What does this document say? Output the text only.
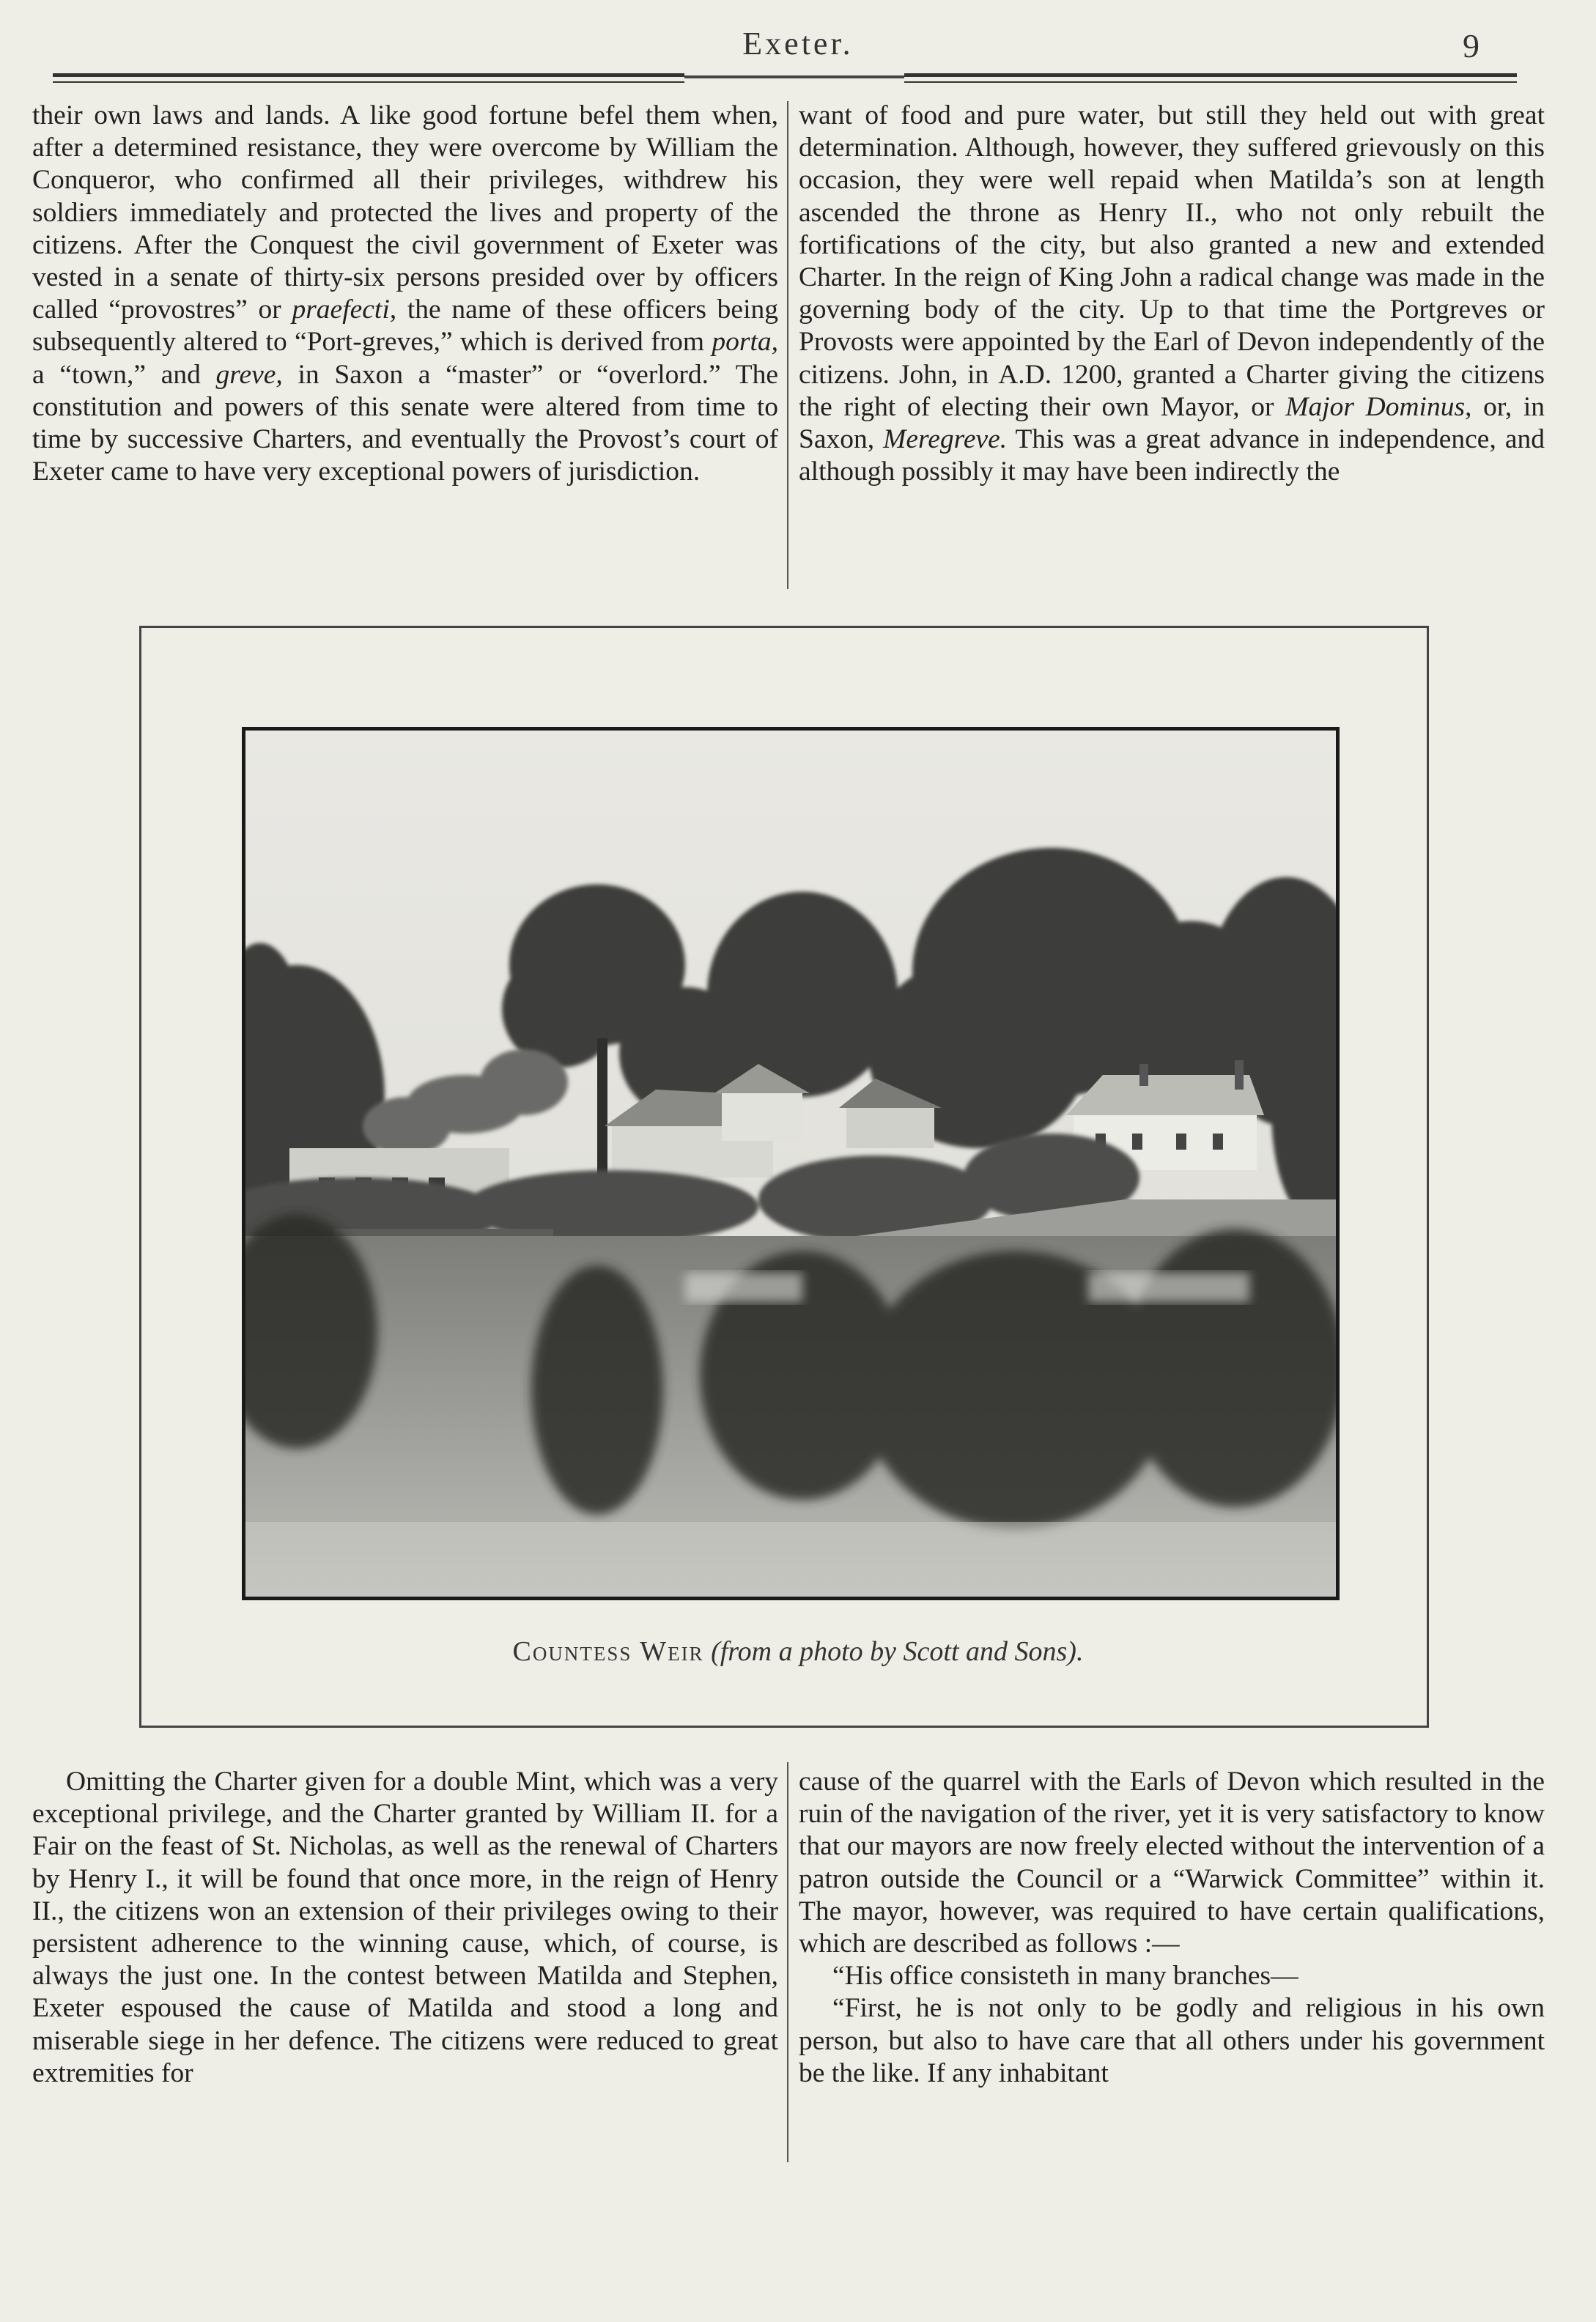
Exeter.	9

their own laws and lands. A like good fortune befel them when, after a determined resistance, they were overcome by William the Conqueror, who confirmed all their privileges, withdrew his soldiers immediately and protected the lives and property of the citizens. After the Conquest the civil government of Exeter was vested in a senate of thirty-six persons presided over by officers called “provostres” or praefecti, the name of these officers being subsequently altered to “Port-greves,” which is derived from porta, a “town,” and greve, in Saxon a “master” or “overlord.” The constitution and powers of this senate were altered from time to time by successive Charters, and eventually the Provost’s court of Exeter came to have very exceptional powers of jurisdiction.

want of food and pure water, but still they held out with great determination. Although, however, they suffered grievously on this occasion, they were well repaid when Matilda’s son at length ascended the throne as Henry II., who not only rebuilt the fortifications of the city, but also granted a new and extended Charter. In the reign of King John a radical change was made in the governing body of the city. Up to that time the Portgreves or Provosts were appointed by the Earl of Devon independently of the citizens. John, in A.D. 1200, granted a Charter giving the citizens the right of electing their own Mayor, or Major Dominus, or, in Saxon, Meregreve. This was a great advance in independence, and although possibly it may have been indirectly the

Countess Weir (from a photo by Scott and Sons).

Omitting the Charter given for a double Mint, which was a very exceptional privilege, and the Charter granted by William II. for a Fair on the feast of St. Nicholas, as well as the renewal of Charters by Henry I., it will be found that once more, in the reign of Henry II., the citizens won an extension of their privileges owing to their persistent adherence to the winning cause, which, of course, is always the just one. In the contest between Matilda and Stephen, Exeter espoused the cause of Matilda and stood a long and miserable siege in her defence. The citizens were reduced to great extremities for

cause of the quarrel with the Earls of Devon which resulted in the ruin of the navigation of the river, yet it is very satisfactory to know that our mayors are now freely elected without the intervention of a patron outside the Council or a “Warwick Committee” within it. The mayor, however, was required to have certain qualifications, which are described as follows :—

“His office consisteth in many branches—

“First, he is not only to be godly and religious in his own person, but also to have care that all others under his government be the like. If any inhabitant
